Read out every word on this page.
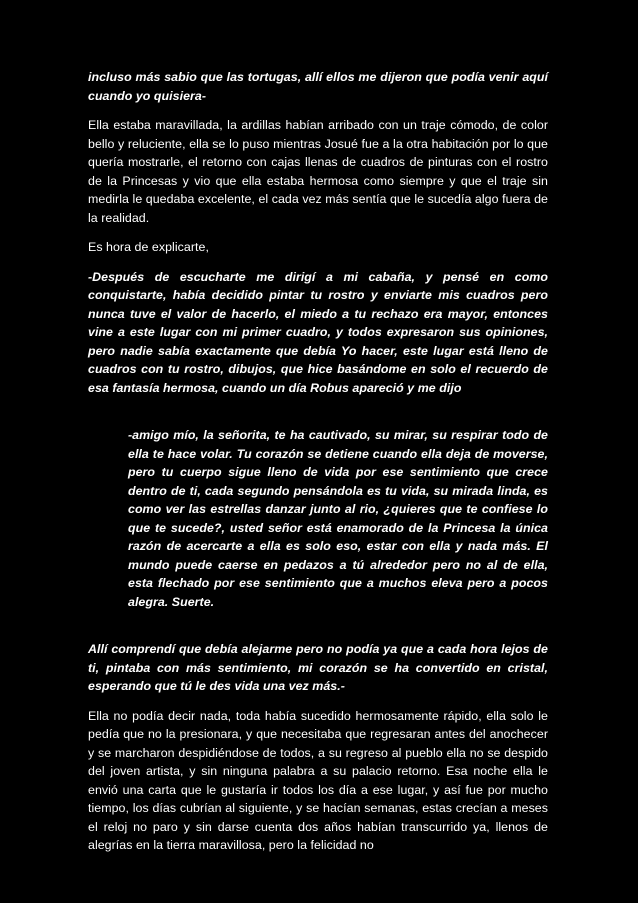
incluso más sabio que las tortugas, allí ellos me dijeron que podía venir aquí cuando yo quisiera-

Ella estaba maravillada, la ardillas habían arribado con un traje cómodo, de color bello y reluciente, ella se lo puso mientras Josué fue a la otra habitación por lo que quería mostrarle, el retorno con cajas llenas de cuadros de pinturas con el rostro de la Princesas y vio que ella estaba hermosa como siempre y que el traje sin medirla le quedaba excelente, el cada vez más sentía que le sucedía algo fuera de la realidad.

Es hora de explicarte,

-Después de escucharte me dirigí a mi cabaña, y pensé en como conquistarte, había decidido pintar tu rostro y enviarte mis cuadros pero nunca tuve el valor de hacerlo, el miedo a tu rechazo era mayor, entonces vine a este lugar con mi primer cuadro, y todos expresaron sus opiniones, pero nadie sabía exactamente que debía Yo hacer, este lugar está lleno de cuadros con tu rostro, dibujos, que hice basándome en solo el recuerdo de esa fantasía hermosa, cuando un día Robus apareció y me dijo

-amigo mío, la señorita, te ha cautivado, su mirar, su respirar todo de ella te hace volar. Tu corazón se detiene cuando ella deja de moverse, pero tu cuerpo sigue lleno de vida por ese sentimiento que crece dentro de ti, cada segundo pensándola es tu vida, su mirada linda, es como ver las estrellas danzar junto al rio, ¿quieres que te confiese lo que te sucede?, usted señor está enamorado de la Princesa la única razón de acercarte a ella es solo eso, estar con ella y nada más. El mundo puede caerse en pedazos a tú alrededor pero no al de ella, esta flechado por ese sentimiento que a muchos eleva pero a pocos alegra. Suerte.

Allí comprendí que debía alejarme pero no podía ya que a cada hora lejos de ti, pintaba con más sentimiento, mi corazón se ha convertido en cristal, esperando que tú le des vida una vez más.-

Ella no podía decir nada, toda había sucedido hermosamente rápido, ella solo le pedía que no la presionara, y que necesitaba que regresaran antes del anochecer y se marcharon despidiéndose de todos, a su regreso al pueblo ella no se despido del joven artista, y sin ninguna palabra a su palacio retorno. Esa noche ella le envió una carta que le gustaría ir todos los día a ese lugar, y así fue por mucho tiempo, los días cubrían al siguiente, y se hacían semanas, estas crecían a meses el reloj no paro y sin darse cuenta dos años habían transcurrido ya, llenos de alegrías en la tierra maravillosa, pero la felicidad no
